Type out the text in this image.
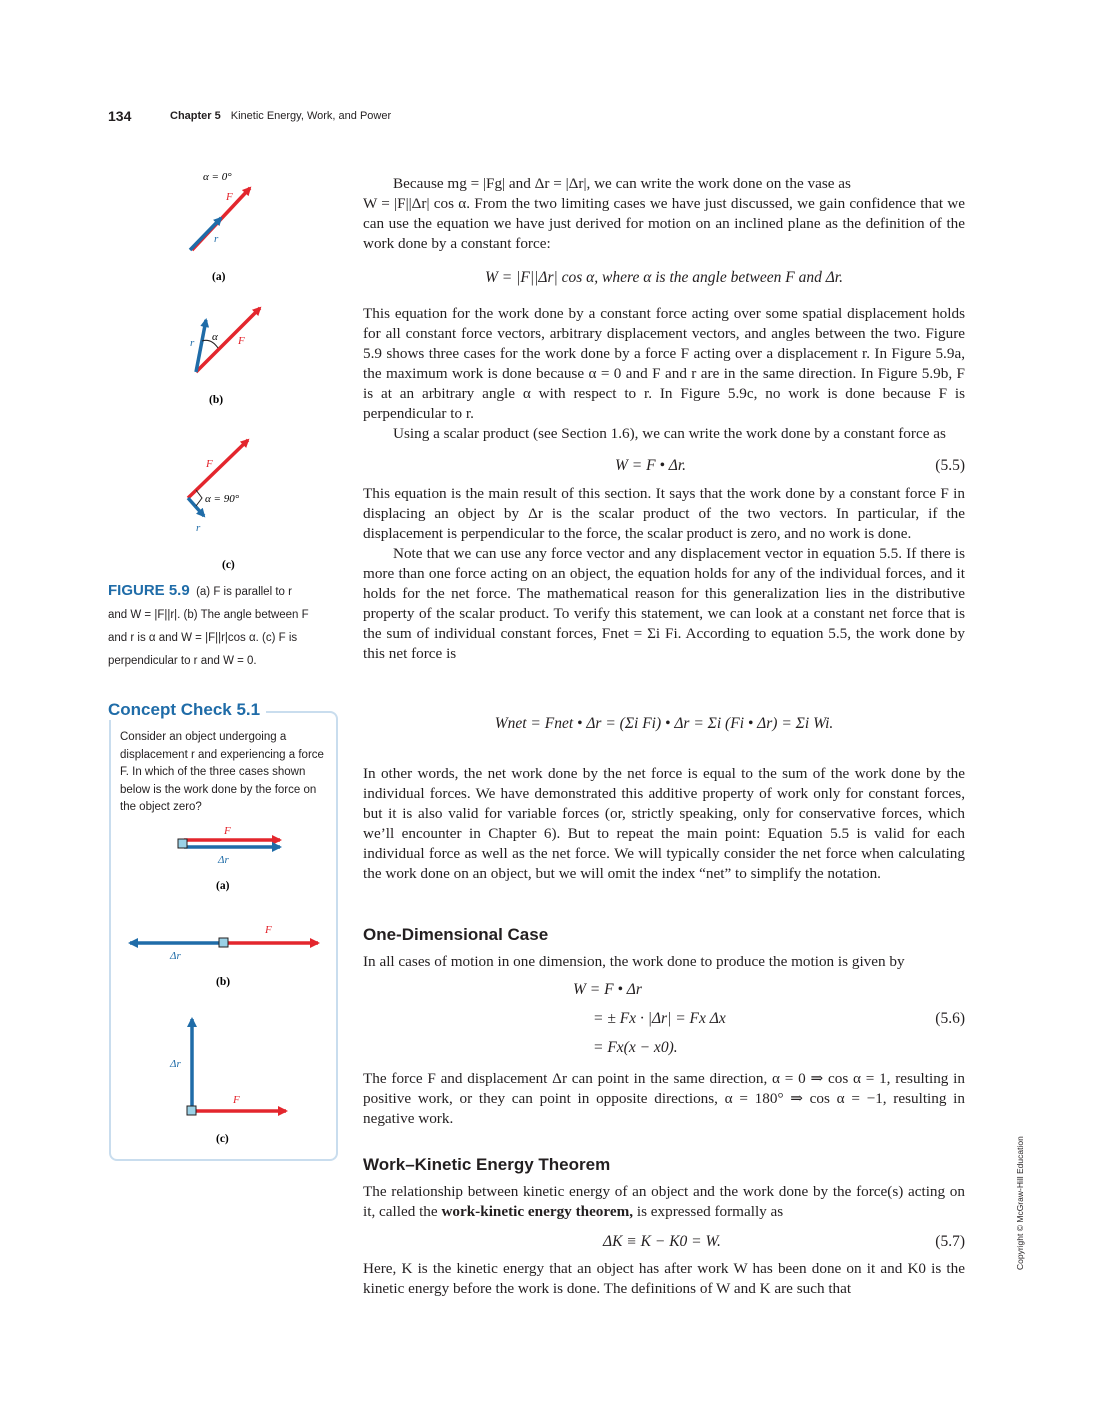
134	Chapter 5 Kinetic Energy, Work, and Power
α = 0°
F
r
(a)
α F
r
(b)
α = 90°
F
r
(c)
FIGURE 5.9 (a) F is parallel to r
and W = |F||r|. (b) The angle between F
and r is α and W = |F||r|cos α. (c) F is
perpendicular to r and W = 0.
Concept Check 5.1
Consider an object undergoing a displacement r and experiencing a force F. In which of the three cases shown below is the work done by the force on the object zero?
F
Δr
(a)
F
Δr
(b)
Δr
F
(c)

Because mg = |Fg| and Δr = |Δr|, we can write the work done on the vase as

W = |F||Δr| cos α. From the two limiting cases we have just discussed, we gain confidence that we can use the equation we have just derived for motion on an inclined plane as the definition of the work done by a constant force:

W = |F||Δr| cos α, where α is the angle between F and Δr.

This equation for the work done by a constant force acting over some spatial displacement holds for all constant force vectors, arbitrary displacement vectors, and angles between the two. Figure 5.9 shows three cases for the work done by a force F acting over a displacement r. In Figure 5.9a, the maximum work is done because α = 0 and F and r are in the same direction. In Figure 5.9b, F is at an arbitrary angle α with respect to r. In Figure 5.9c, no work is done because F is perpendicular to r.

Using a scalar product (see Section 1.6), we can write the work done by a constant force as

W = F • Δr.	(5.5)

This equation is the main result of this section. It says that the work done by a constant force F in displacing an object by Δr is the scalar product of the two vectors. In particular, if the displacement is perpendicular to the force, the scalar product is zero, and no work is done.

Note that we can use any force vector and any displacement vector in equation 5.5. If there is more than one force acting on an object, the equation holds for any of the individual forces, and it holds for the net force. The mathematical reason for this generalization lies in the distributive property of the scalar product. To verify this statement, we can look at a constant net force that is the sum of individual constant forces, Fnet = Σi Fi. According to equation 5.5, the work done by this net force is

Wnet = Fnet • Δr = (Σi Fi) • Δr = Σi (Fi • Δr) = Σi Wi.

In other words, the net work done by the net force is equal to the sum of the work done by the individual forces. We have demonstrated this additive property of work only for constant forces, but it is also valid for variable forces (or, strictly speaking, only for conservative forces, which we’ll encounter in Chapter 6). But to repeat the main point: Equation 5.5 is valid for each individual force as well as the net force. We will typically consider the net force when calculating the work done on an object, but we will omit the index “net” to simplify the notation.

One-Dimensional Case

In all cases of motion in one dimension, the work done to produce the motion is given by

W = F • Δr
= ± Fx · |Δr| = Fx Δx
= Fx(x − x0).
(5.6)

The force F and displacement Δr can point in the same direction, α = 0 ⇒ cos α = 1, resulting in positive work, or they can point in opposite directions, α = 180° ⇒ cos α = −1, resulting in negative work.

Work–Kinetic Energy Theorem

The relationship between kinetic energy of an object and the work done by the force(s) acting on it, called the work-kinetic energy theorem, is expressed formally as

ΔK ≡ K − K0 = W.	(5.7)

Here, K is the kinetic energy that an object has after work W has been done on it and K0 is the kinetic energy before the work is done. The definitions of W and K are such that

Copyright © McGraw-Hill Education
